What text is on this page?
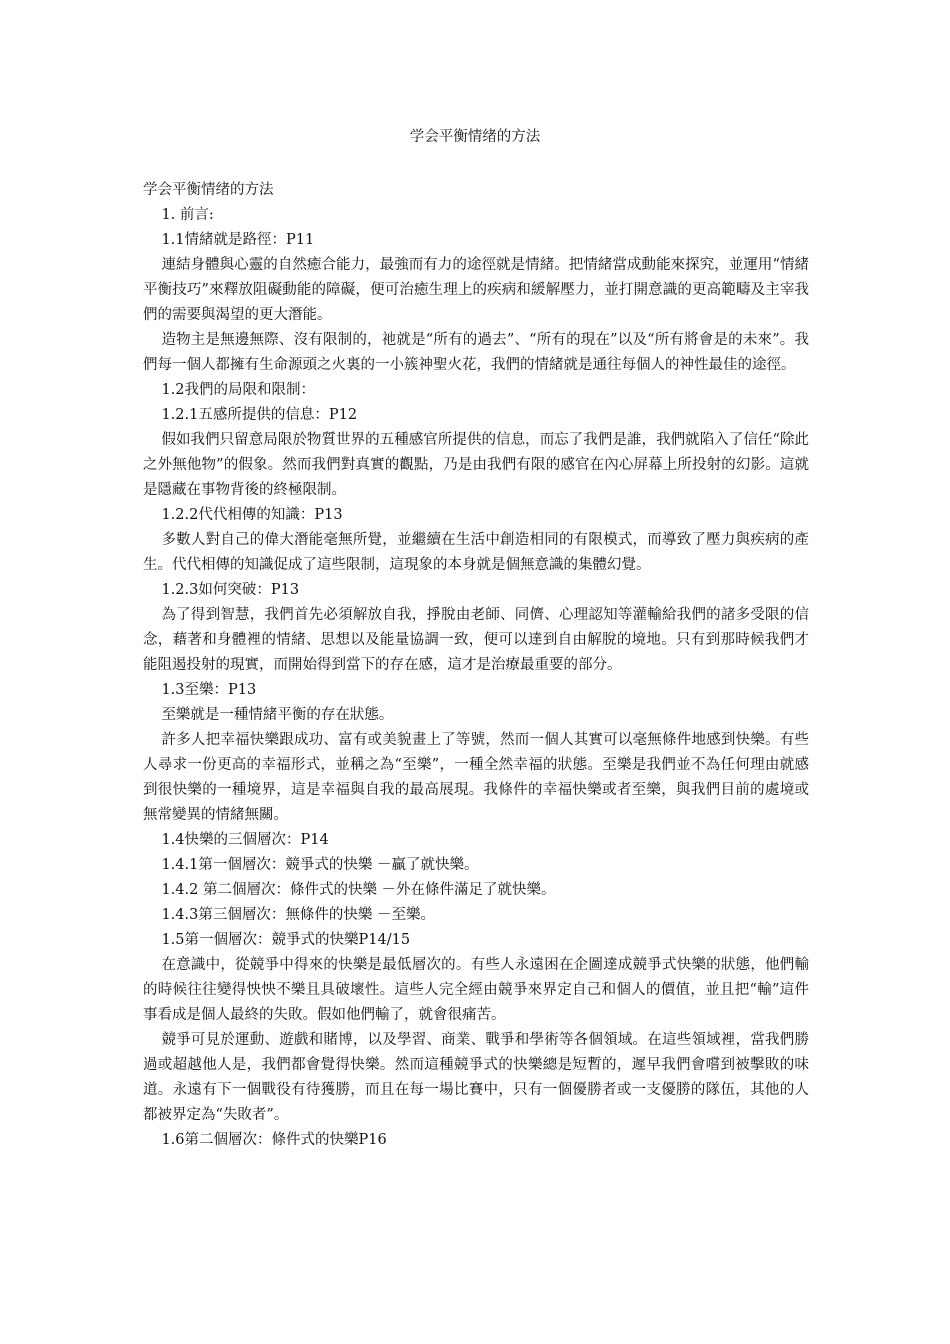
学会平衡情绪的方法

学会平衡情绪的方法

1. 前言:

1.1情緒就是路徑：P11

連結身體與心靈的自然癒合能力，最強而有力的途徑就是情緒。把情緒當成動能來探究，並運用“情緒平衡技巧”來釋放阻礙動能的障礙，便可治癒生理上的疾病和緩解壓力，並打開意識的更高範疇及主宰我們的需要與渴望的更大潛能。

造物主是無邊無際、沒有限制的，祂就是“所有的過去”、“所有的現在”以及“所有將會是的未來”。我們每一個人都擁有生命源頭之火裏的一小簇神聖火花，我們的情緒就是通往每個人的神性最佳的途徑。

1.2我們的局限和限制：

1.2.1五感所提供的信息：P12

假如我們只留意局限於物質世界的五種感官所提供的信息，而忘了我們是誰，我們就陷入了信任“除此之外無他物”的假象。然而我們對真實的觀點，乃是由我們有限的感官在內心屏幕上所投射的幻影。這就是隱藏在事物背後的終極限制。

1.2.2代代相傳的知識：P13

多數人對自己的偉大潛能毫無所覺，並繼續在生活中創造相同的有限模式，而導致了壓力與疾病的產生。代代相傳的知識促成了這些限制，這現象的本身就是個無意識的集體幻覺。

1.2.3如何突破：P13

為了得到智慧，我們首先必須解放自我，掙脫由老師、同儕、心理認知等灌輸給我們的諸多受限的信念，藉著和身體裡的情緒、思想以及能量協調一致，便可以達到自由解脫的境地。只有到那時候我們才能阻遏投射的現實，而開始得到當下的存在感，這才是治療最重要的部分。

1.3至樂：P13

至樂就是一種情緒平衡的存在狀態。

許多人把幸福快樂跟成功、富有或美貌畫上了等號，然而一個人其實可以毫無條件地感到快樂。有些人尋求一份更高的幸福形式，並稱之為“至樂”，一種全然幸福的狀態。至樂是我們並不為任何理由就感到很快樂的一種境界，這是幸福與自我的最高展現。我條件的幸福快樂或者至樂，與我們目前的處境或無常變異的情緒無關。

1.4快樂的三個層次：P14

1.4.1第一個層次：競爭式的快樂 －贏了就快樂。

1.4.2 第二個層次：條件式的快樂 －外在條件滿足了就快樂。

1.4.3第三個層次：無條件的快樂 －至樂。

1.5第一個層次：競爭式的快樂P14/15

在意識中，從競爭中得來的快樂是最低層次的。有些人永遠困在企圖達成競爭式快樂的狀態，他們輸的時候往往變得怏怏不樂且具破壞性。這些人完全經由競爭來界定自己和個人的價值，並且把“輸”這件事看成是個人最終的失敗。假如他們輸了，就會很痛苦。

競爭可見於運動、遊戲和賭博，以及學習、商業、戰爭和學術等各個領域。在這些領域裡，當我們勝過或超越他人是，我們都會覺得快樂。然而這種競爭式的快樂總是短暫的，遲早我們會嚐到被擊敗的味道。永遠有下一個戰役有待獲勝，而且在每一場比賽中，只有一個優勝者或一支優勝的隊伍，其他的人都被界定為“失敗者”。

1.6第二個層次：條件式的快樂P16
